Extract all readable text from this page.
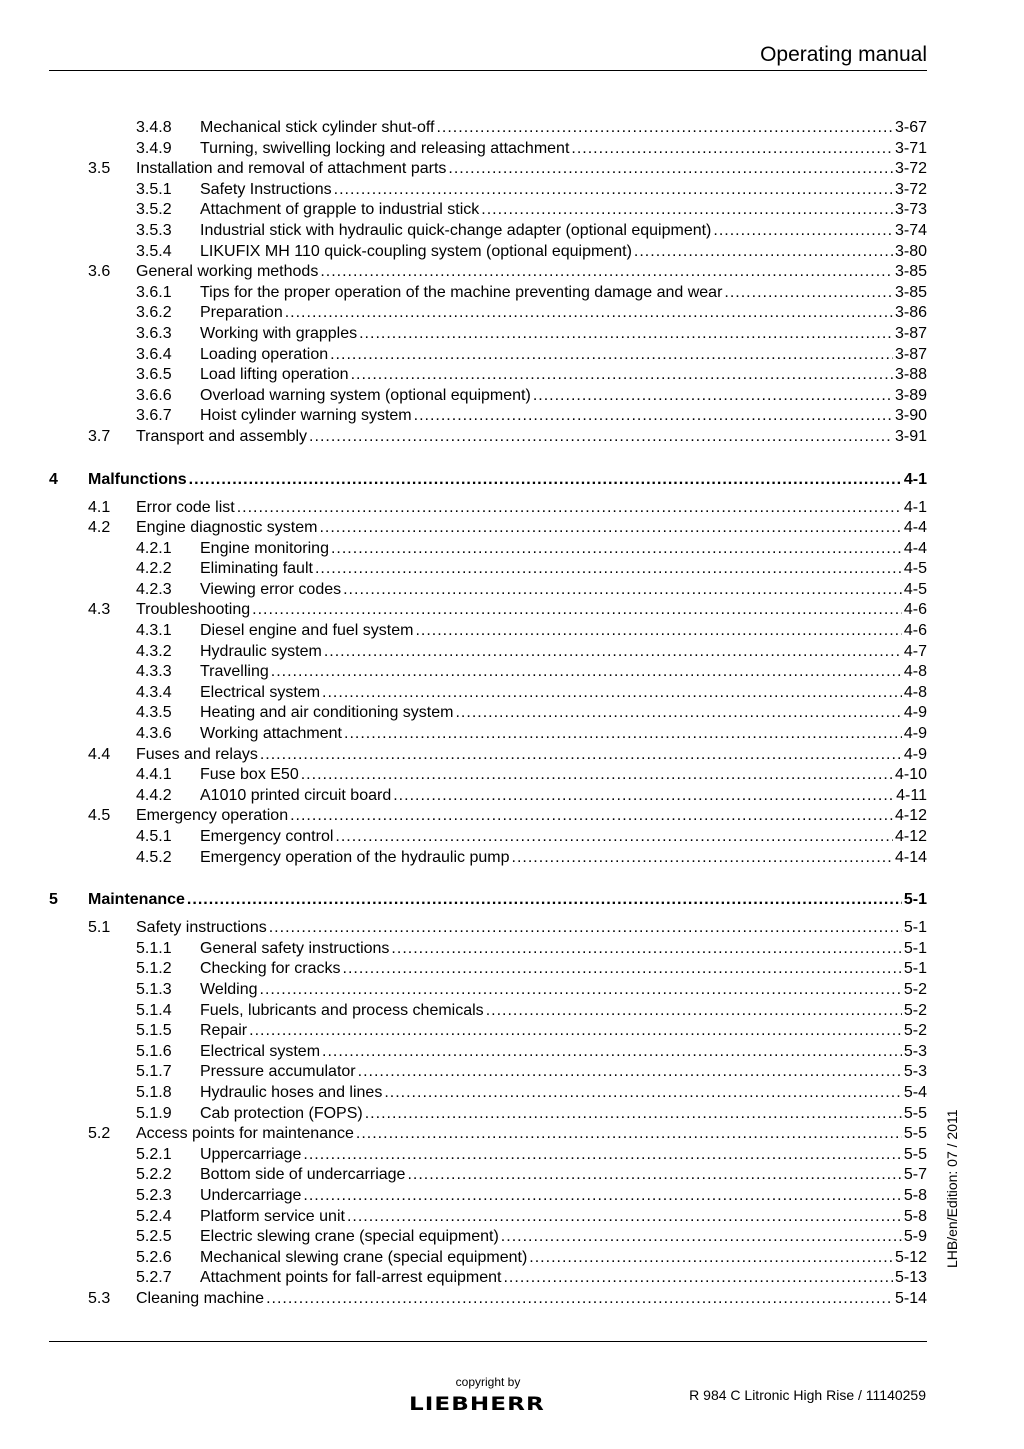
Operating manual
3.4.8 Mechanical stick cylinder shut-off .....	3-67
3.4.9 Turning, swivelling locking and releasing attachment .....	3-71
3.5 Installation and removal of attachment parts .....	3-72
3.5.1 Safety Instructions .....	3-72
3.5.2 Attachment of grapple to industrial stick .....	3-73
3.5.3 Industrial stick with hydraulic quick-change adapter (optional equipment) .....	3-74
3.5.4 LIKUFIX MH 110 quick-coupling system (optional equipment) .....	3-80
3.6 General working methods .....	3-85
3.6.1 Tips for the proper operation of the machine preventing damage and wear .....	3-85
3.6.2 Preparation .....	3-86
3.6.3 Working with grapples .....	3-87
3.6.4 Loading operation .....	3-87
3.6.5 Load lifting operation .....	3-88
3.6.6 Overload warning system (optional equipment) .....	3-89
3.6.7 Hoist cylinder warning system .....	3-90
3.7 Transport and assembly .....	3-91
4 Malfunctions .....	4-1
4.1 Error code list .....	4-1
4.2 Engine diagnostic system .....	4-4
4.2.1 Engine monitoring .....	4-4
4.2.2 Eliminating fault .....	4-5
4.2.3 Viewing error codes .....	4-5
4.3 Troubleshooting .....	4-6
4.3.1 Diesel engine and fuel system .....	4-6
4.3.2 Hydraulic system .....	4-7
4.3.3 Travelling .....	4-8
4.3.4 Electrical system .....	4-8
4.3.5 Heating and air conditioning system .....	4-9
4.3.6 Working attachment .....	4-9
4.4 Fuses and relays .....	4-9
4.4.1 Fuse box E50 .....	4-10
4.4.2 A1010 printed circuit board .....	4-11
4.5 Emergency operation .....	4-12
4.5.1 Emergency control .....	4-12
4.5.2 Emergency operation of the hydraulic pump .....	4-14
5 Maintenance .....	5-1
5.1 Safety instructions .....	5-1
5.1.1 General safety instructions .....	5-1
5.1.2 Checking for cracks .....	5-1
5.1.3 Welding .....	5-2
5.1.4 Fuels, lubricants and process chemicals .....	5-2
5.1.5 Repair .....	5-2
5.1.6 Electrical system .....	5-3
5.1.7 Pressure accumulator .....	5-3
5.1.8 Hydraulic hoses and lines .....	5-4
5.1.9 Cab protection (FOPS) .....	5-5
5.2 Access points for maintenance .....	5-5
5.2.1 Uppercarriage .....	5-5
5.2.2 Bottom side of undercarriage .....	5-7
5.2.3 Undercarriage .....	5-8
5.2.4 Platform service unit .....	5-8
5.2.5 Electric slewing crane (special equipment) .....	5-9
5.2.6 Mechanical slewing crane (special equipment) .....	5-12
5.2.7 Attachment points for fall-arrest equipment .....	5-13
5.3 Cleaning machine .....	5-14
LHB/en/Edition: 07 / 2011
copyright by
LIEBHERR	R 984 C Litronic High Rise / 11140259
